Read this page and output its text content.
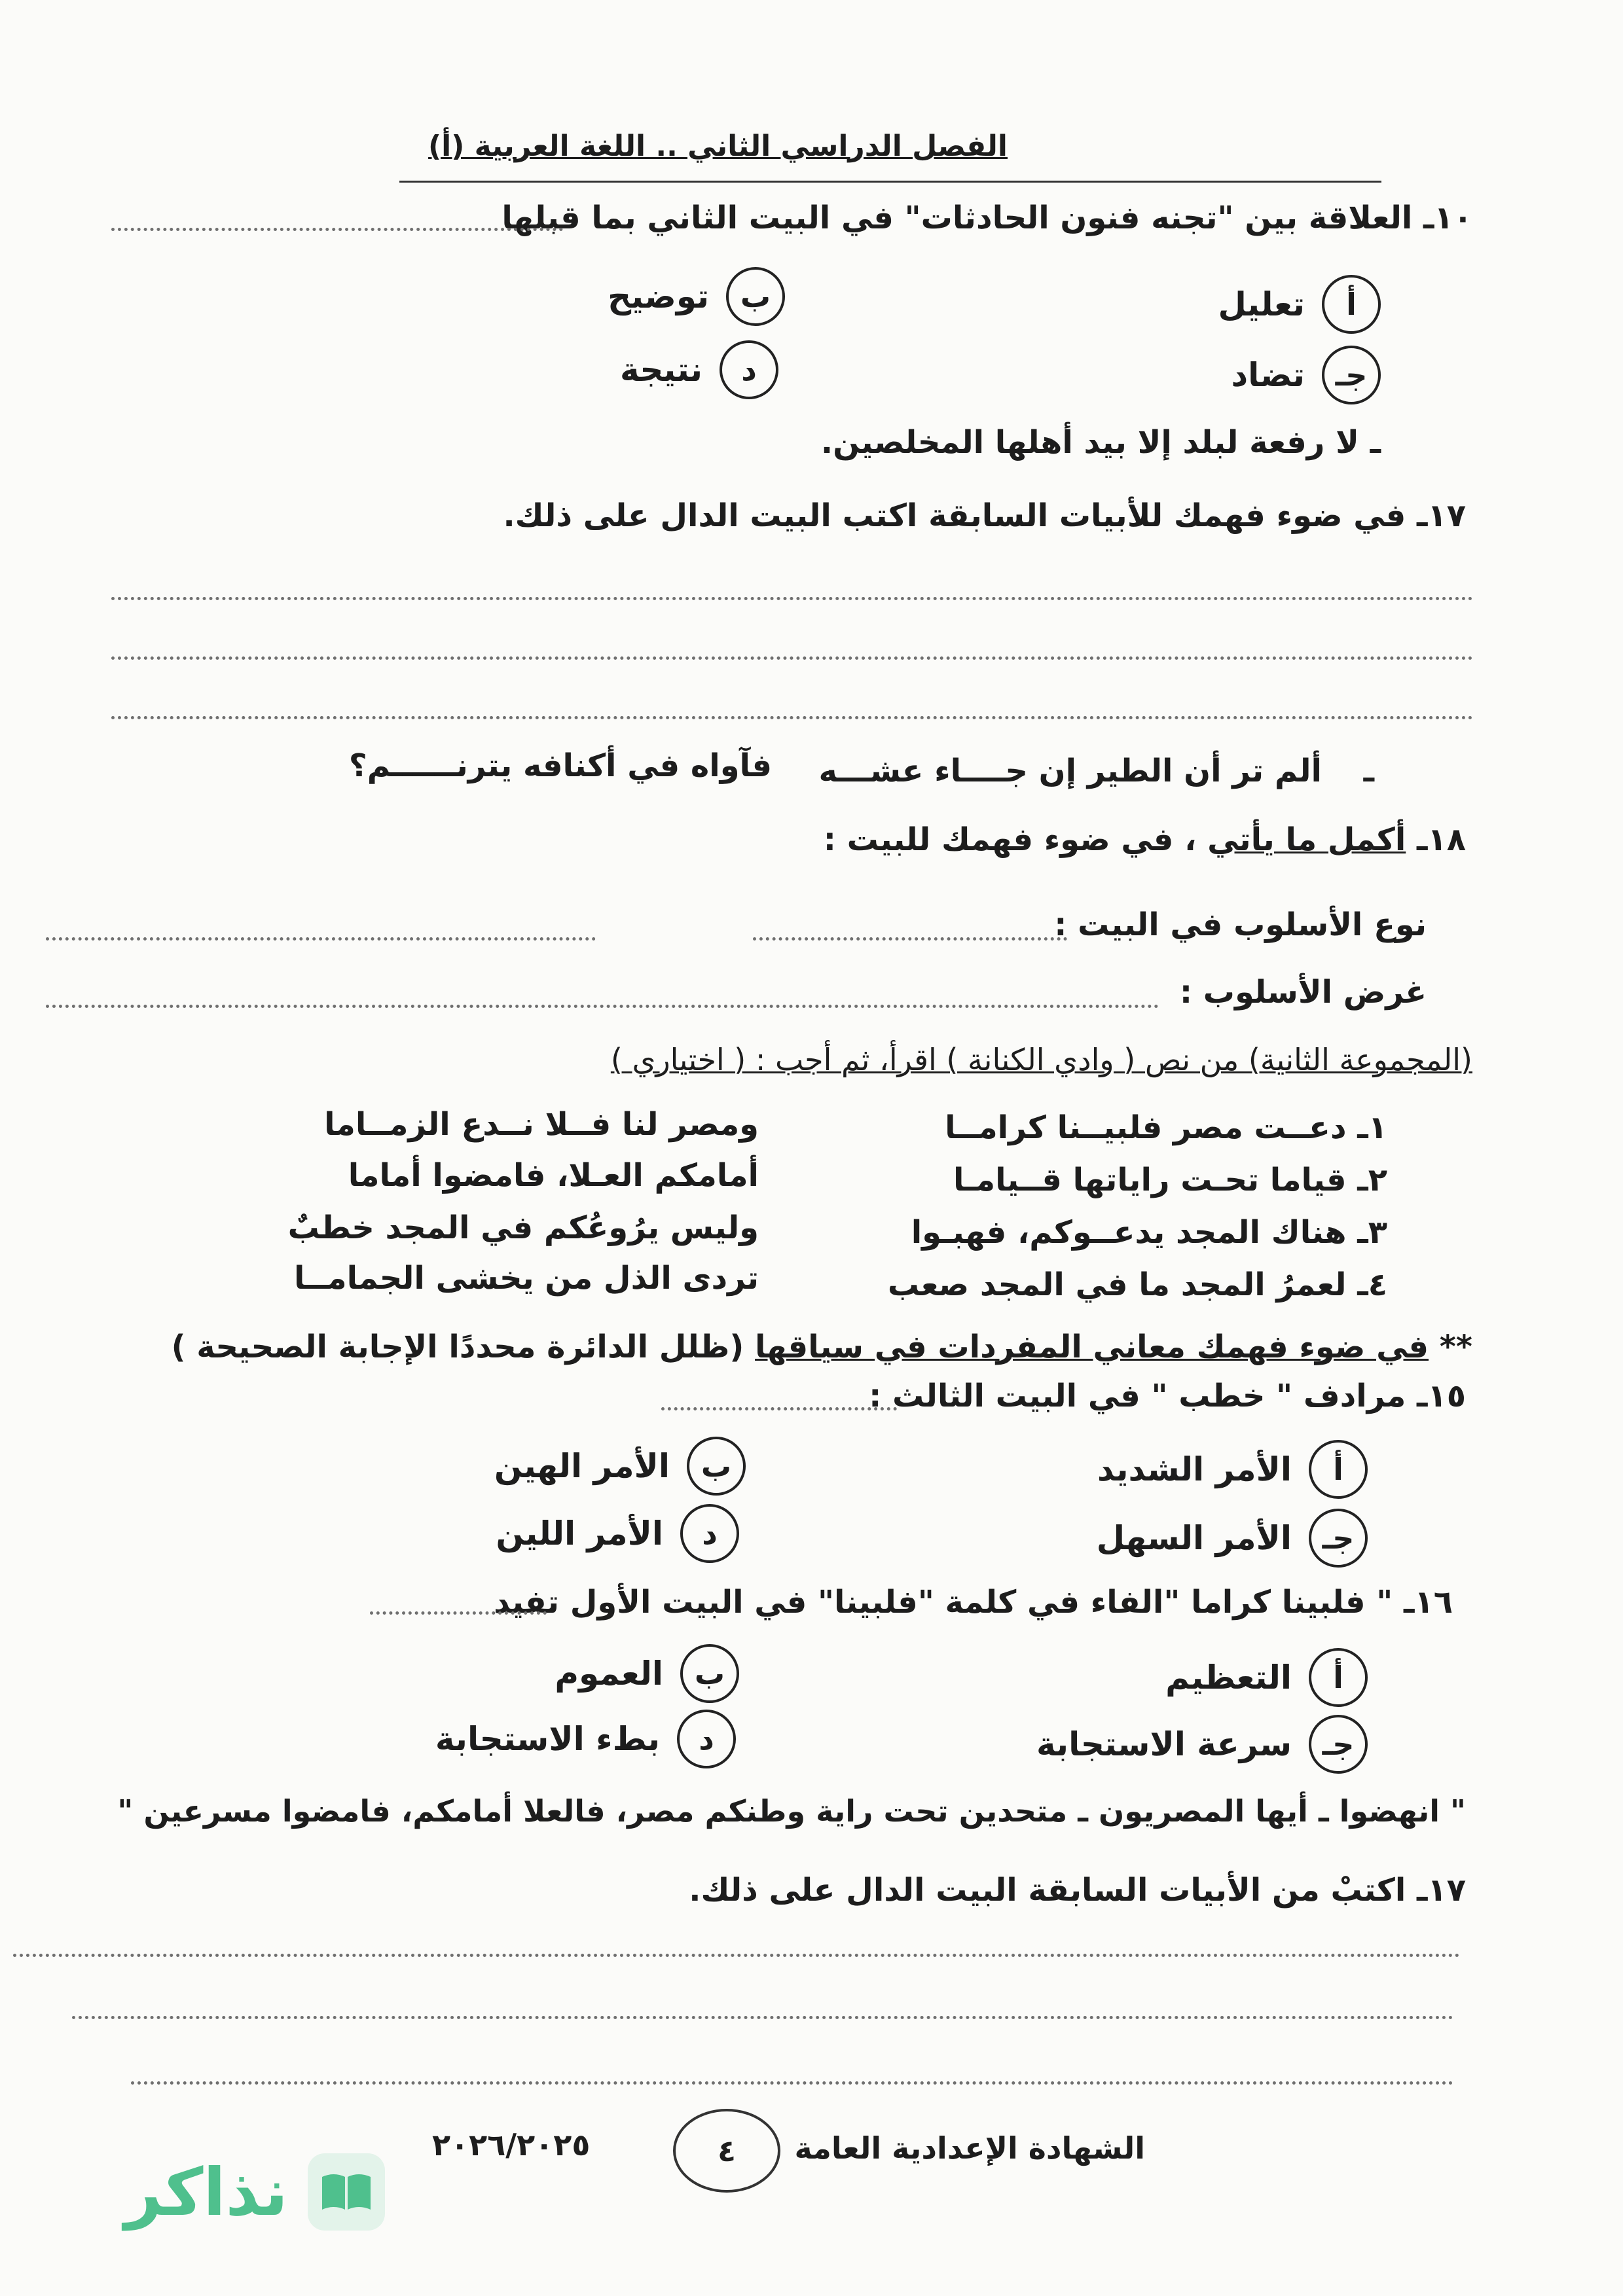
الفصل الدراسي الثاني .. اللغة العربية (أ)
١٠ـ العلاقة بين "تجنه فنون الحادثات" في البيت الثاني بما قبلها
أ
تعليل
ب
توضيح
جـ
تضاد
د
نتيجة
ـ لا رفعة لبلد إلا بيد أهلها المخلصين.
١٧ـ في ضوء فهمك للأبيات السابقة اكتب البيت الدال على ذلك.
ـ
ألم تر أن الطير إن جــــاء عشـــه
فآواه في أكنافه يترنــــــم؟
١٨ـ أكمل ما يأتي ، في ضوء فهمك للبيت :
نوع الأسلوب في البيت :
غرض الأسلوب :
(المجموعة الثانية) من نص ( وادي الكنانة ) اقرأ، ثم أجب : ( اختياري )
١ـ دعــت مصر فلبيــنا كرامــا
ومصر لنا فــلا نــدع الزمــاما
٢ـ قياما تحـت راياتها قــيامـا
أمامكم العـلا، فامضوا أماما
٣ـ هناك المجد يدعــوكم، فهبـوا
وليس يرُوعُكم في المجد خطبٌ
٤ـ لعمرُ المجد ما في المجد صعب
تردى الذل من يخشى الجمامــا
** في ضوء فهمك معاني المفردات في سياقها (ظلل الدائرة محددًا الإجابة الصحيحة )
١٥ـ مرادف " خطب " في البيت الثالث :
أ
الأمر الشديد
ب
الأمر الهين
جـ
الأمر السهل
د
الأمر اللين
١٦ـ " فلبينا كراما "الفاء في كلمة "فلبينا" في البيت الأول تفيد
أ
التعظيم
ب
العموم
جـ
سرعة الاستجابة
د
بطء الاستجابة
" انهضوا ـ أيها المصريون ـ متحدين تحت راية وطنكم مصر، فالعلا أمامكم، فامضوا مسرعين "
١٧ـ اكتبْ من الأبيات السابقة البيت الدال على ذلك.
الشهادة الإعدادية العامة
٤
٢٠٢٦/٢٠٢٥
نذاكر
